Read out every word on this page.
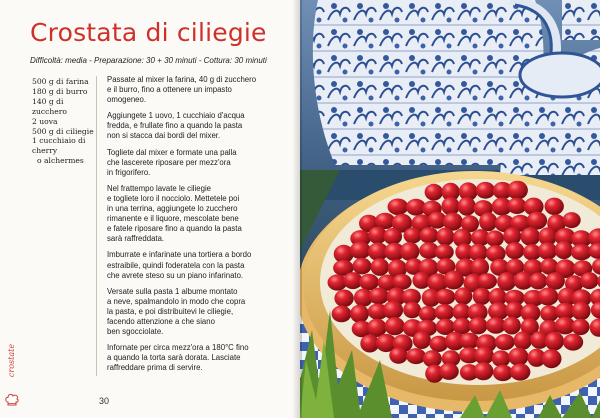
Crostata di ciliegie
Difficoltà: media - Preparazione: 30 + 30 minuti - Cottura: 30 minuti
500 g di farina
180 g di burro
140 g di zucchero
2 uova
500 g di ciliegie
1 cucchiaio di cherry
o alchermes

Passate al mixer la farina, 40 g di zucchero
e il burro, fino a ottenere un impasto
omogeneo.

Aggiungete 1 uovo, 1 cucchiaio d'acqua
fredda, e frullate fino a quando la pasta
non si stacca dai bordi del mixer.

Togliete dal mixer e formate una palla
che lascerete riposare per mezz'ora
in frigorifero.

Nel frattempo lavate le ciliegie
e togliete loro il nocciolo. Mettetele poi
in una terrina, aggiungete lo zucchero
rimanente e il liquore, mescolate bene
e fatele riposare fino a quando la pasta
sarà raffreddata.

Imburrate e infarinate una tortiera a bordo
estraibile, quindi foderatela con la pasta
che avrete steso su un piano infarinato.

Versate sulla pasta 1 albume montato
a neve, spalmandolo in modo che copra
la pasta, e poi distribuitevi le ciliegie,
facendo attenzione a che siano
ben sgocciolate.

Infornate per circa mezz'ora a 180°C fino
a quando la torta sarà dorata. Lasciate
raffreddare prima di servire.

crostate
30
